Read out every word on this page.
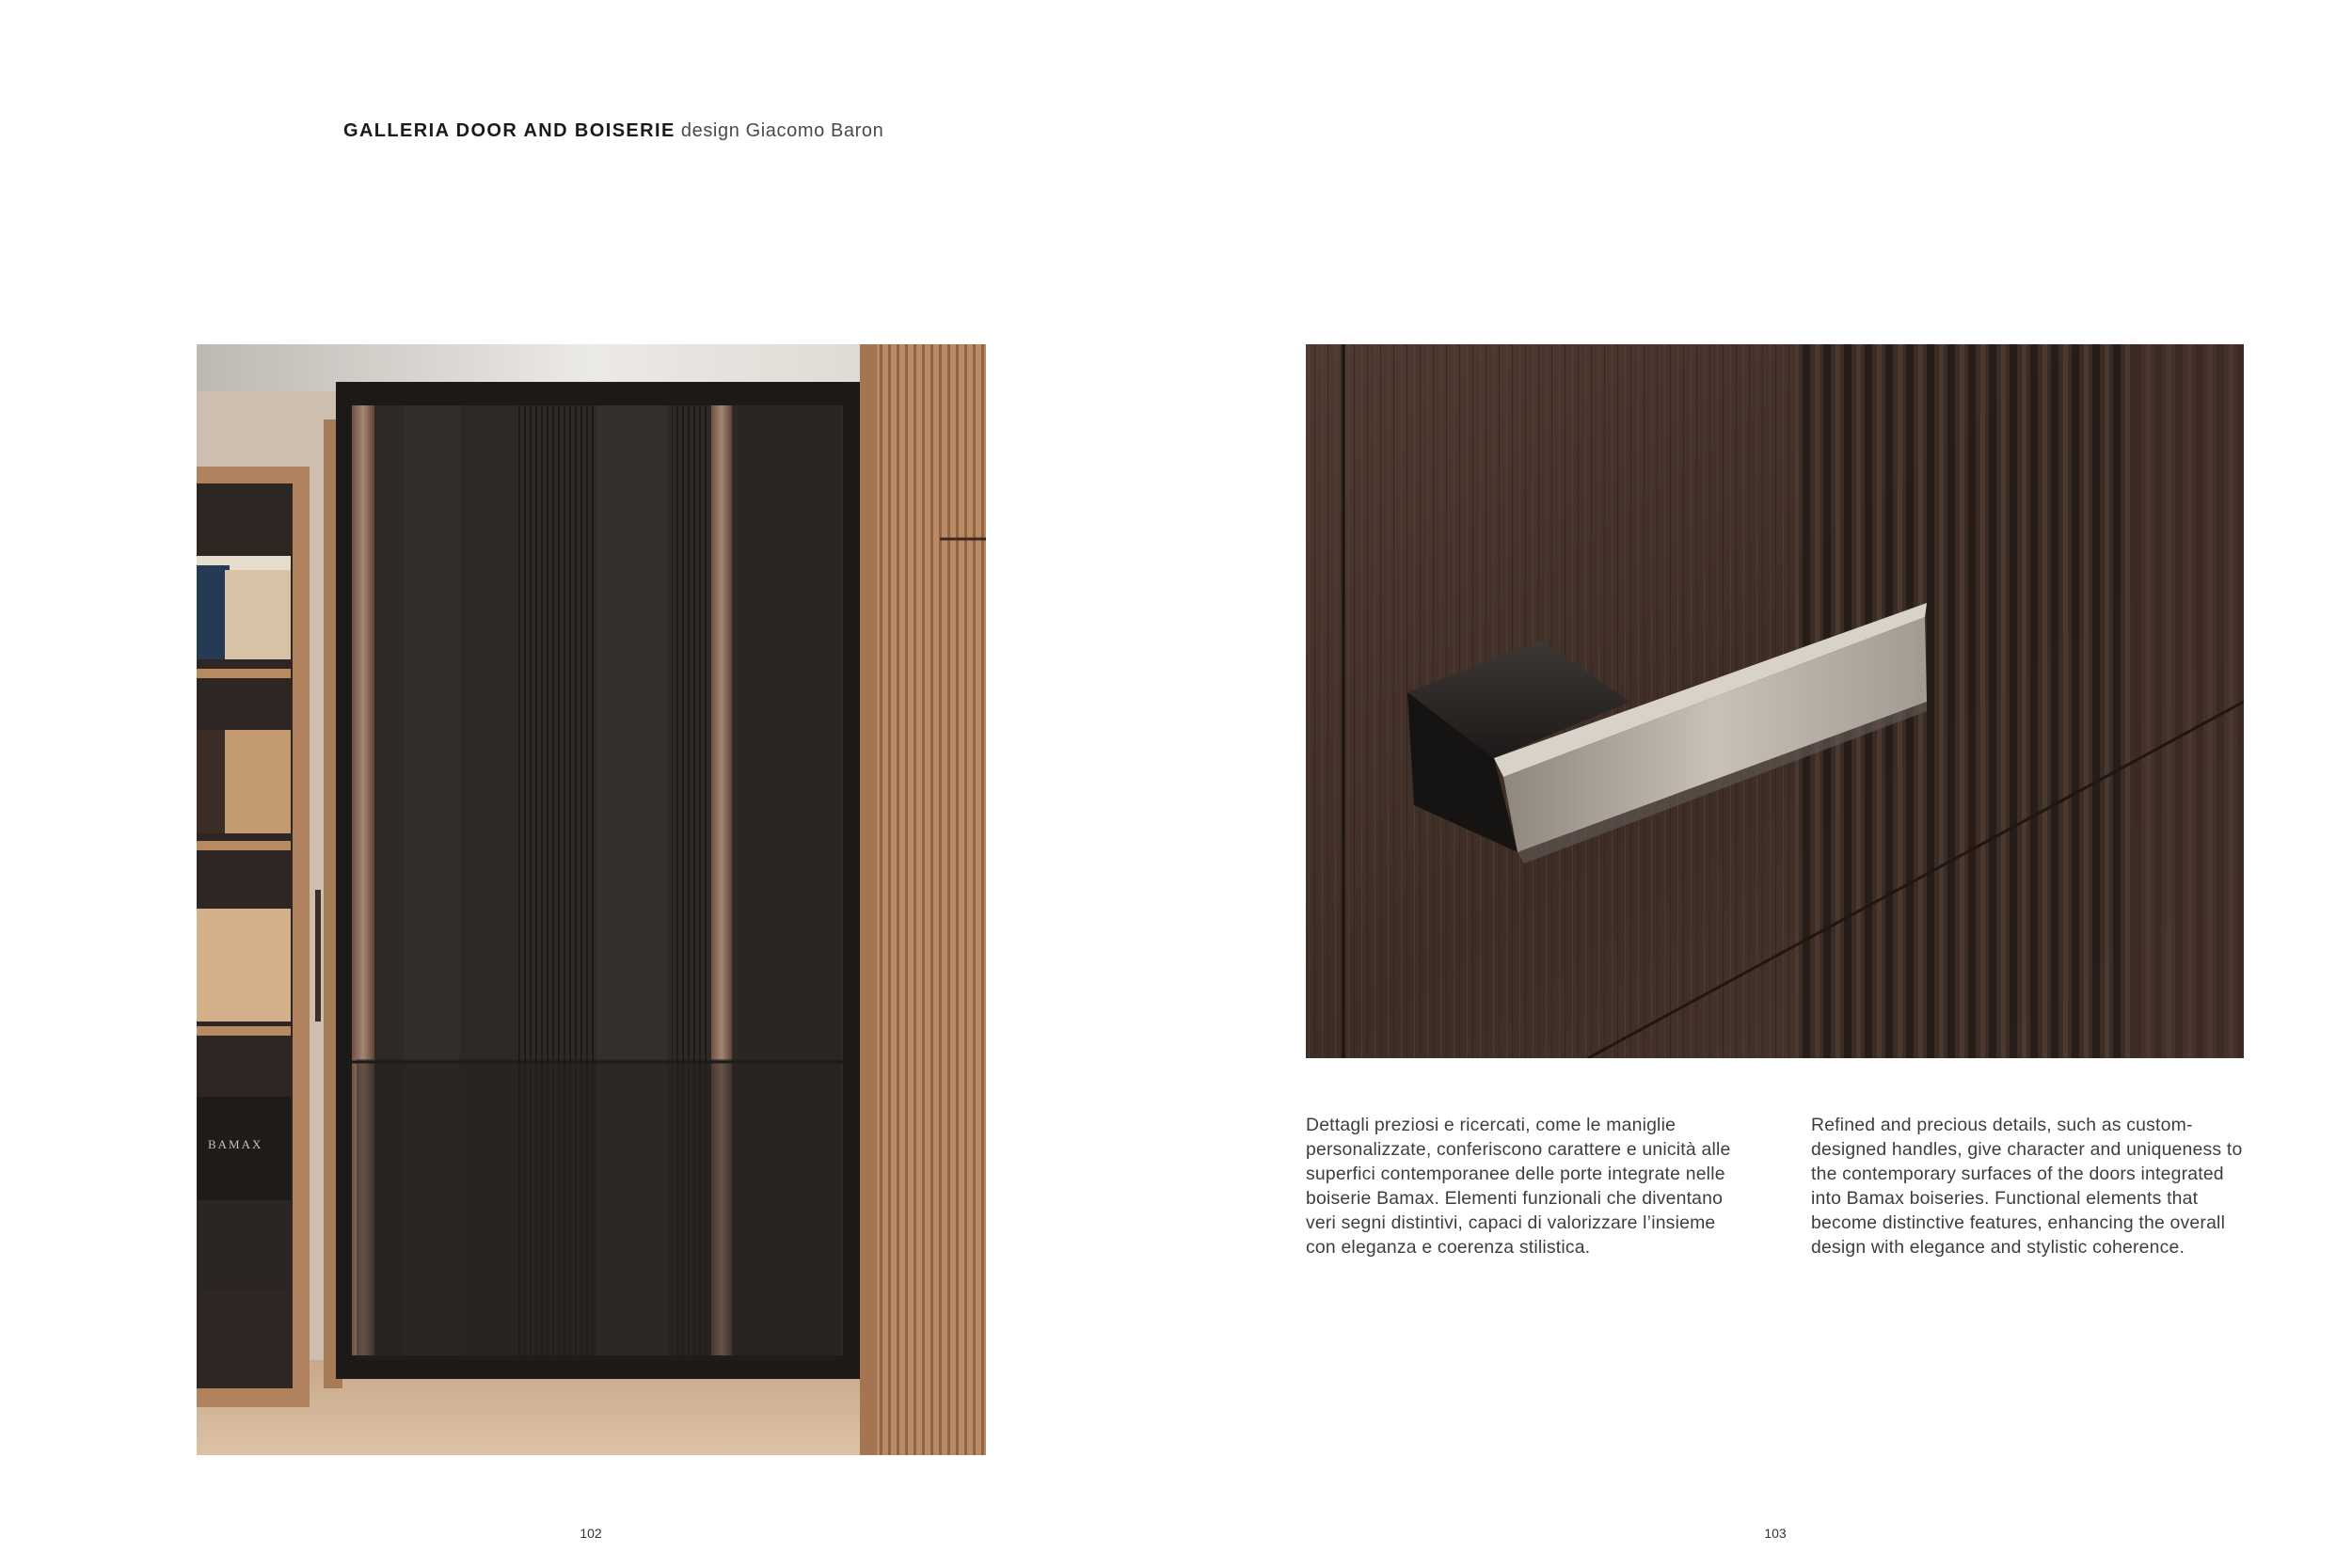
GALLERIA DOOR AND BOISERIE design Giacomo Baron
BAMAX
Dettagli preziosi e ricercati, come le maniglie personalizzate, conferiscono carattere e unicità alle superfici contemporanee delle porte integrate nelle boiserie Bamax. Elementi funzionali che diventano veri segni distintivi, capaci di valorizzare l’insieme con eleganza e coerenza stilistica.
Refined and precious details, such as custom-designed handles, give character and uniqueness to the contemporary surfaces of the doors integrated into Bamax boiseries. Functional elements that become distinctive features, enhancing the overall design with elegance and stylistic coherence.
102	103
